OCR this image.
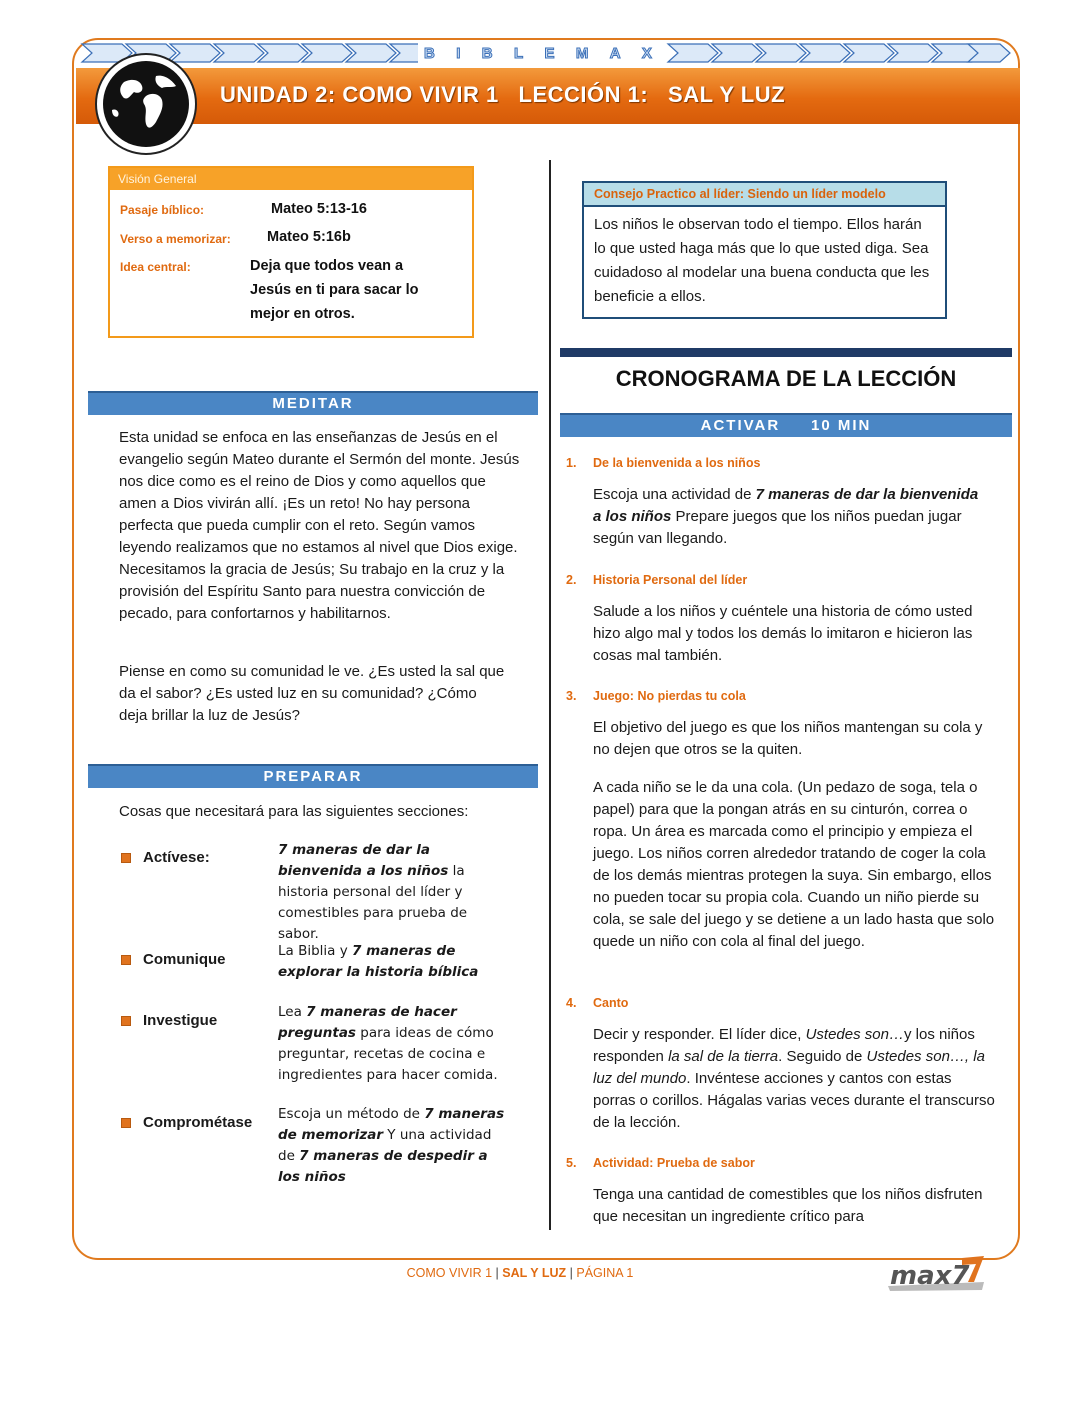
B I B L E M A X
UNIDAD 2: COMO VIVIR 1   LECCIÓN 1:   SAL Y LUZ
Visión General
Pasaje bíblico:	Mateo 5:13-16
Verso a memorizar:	Mateo 5:16b
Idea central:	Deja que todos vean a
Jesús en ti para sacar lo
mejor en otros.
Consejo Practico al líder: Siendo un líder modelo
Los niños le observan todo el tiempo. Ellos harán lo que usted haga más que lo que usted diga. Sea cuidadoso al modelar una buena conducta que les beneficie a ellos.
MEDITAR
Esta unidad se enfoca en las enseñanzas de Jesús en el evangelio según Mateo durante el Sermón del monte. Jesús nos dice como es el reino de Dios y como aquellos que amen a Dios vivirán allí. ¡Es un reto! No hay persona perfecta que pueda cumplir con el reto. Según vamos leyendo realizamos que no estamos al nivel que Dios exige. Necesitamos la gracia de Jesús; Su trabajo en la cruz y la provisión del Espíritu Santo para nuestra convicción de pecado, para confortarnos y habilitarnos.
Piense en como su comunidad le ve. ¿Es usted la sal que da el sabor? ¿Es usted luz en su comunidad? ¿Cómo deja brillar la luz de Jesús?
PREPARAR
Cosas que necesitará para las siguientes secciones:
Actívese:	7 maneras de dar la bienvenida a los niños la historia personal del líder y comestibles para prueba de sabor.
Comunique	La Biblia y 7 maneras de explorar la historia bíblica
Investigue	Lea 7 maneras de hacer preguntas para ideas de cómo preguntar, recetas de cocina e ingredientes para hacer comida.
Comprométase Escoja un método de 7 maneras de memorizar Y una actividad de 7 maneras de despedir a los niños
CRONOGRAMA DE LA LECCIÓN
ACTIVAR     10 MIN
1. De la bienvenida a los niños
Escoja una actividad de 7 maneras de dar la bienvenida a los niños Prepare juegos que los niños puedan jugar según van llegando.
2. Historia Personal del líder
Salude a los niños y cuéntele una historia de cómo usted hizo algo mal y todos los demás lo imitaron e hicieron las cosas mal también.
3. Juego: No pierdas tu cola
El objetivo del juego es que los niños mantengan su cola y no dejen que otros se la quiten.
A cada niño se le da una cola. (Un pedazo de soga, tela o papel) para que la pongan atrás en su cinturón, correa o ropa. Un área es marcada como el principio y empieza el juego. Los niños corren alrededor tratando de coger la cola de los demás mientras protegen la suya. Sin embargo, ellos no pueden tocar su propia cola. Cuando un niño pierde su cola, se sale del juego y se detiene a un lado hasta que solo quede un niño con cola al final del juego.
4. Canto
Decir y responder. El líder dice, Ustedes son…y los niños responden la sal de la tierra. Seguido de Ustedes son…, la luz del mundo. Invéntese acciones y cantos con estas porras o corillos. Hágalas varias veces durante el transcurso de la lección.
5. Actividad: Prueba de sabor
Tenga una cantidad de comestibles que los niños disfruten que necesitan un ingrediente crítico para
COMO VIVIR 1 | SAL Y LUZ | PÁGINA 1	max7
